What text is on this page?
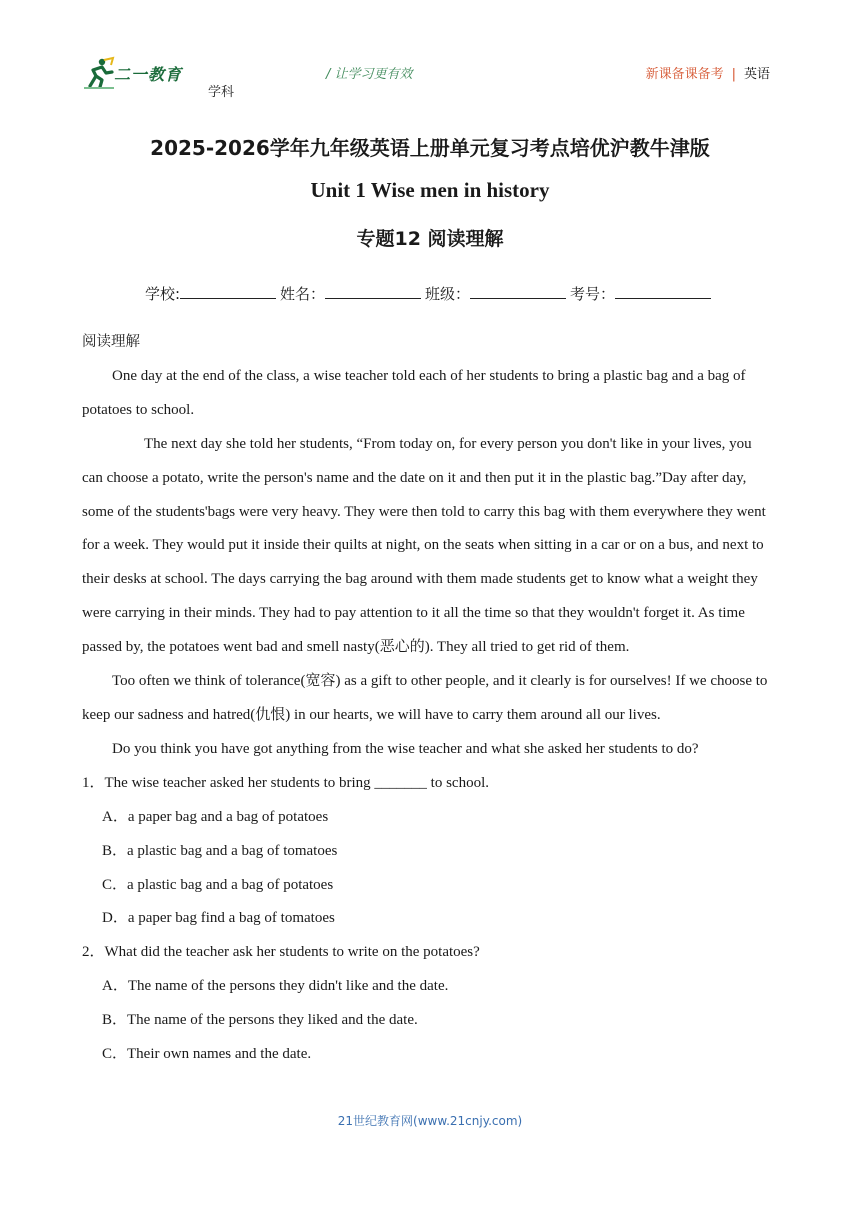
二一教育
学科
/ 让学习更有效	新课备课备考 | 英语
2025-2026学年九年级英语上册单元复习考点培优沪教牛津版
Unit 1 Wise men in history
专题12 阅读理解
学校:	姓名：	班级：	考号：

阅读理解

One day at the end of the class, a wise teacher told each of her students to bring a plastic bag and a bag of potatoes to school.

The next day she told her students, “From today on, for every person you don't like in your lives, you can choose a potato, write the person's name and the date on it and then put it in the plastic bag.”Day after day, some of the students'bags were very heavy. They were then told to carry this bag with them everywhere they went for a week. They would put it inside their quilts at night, on the seats when sitting in a car or on a bus, and next to their desks at school. The days carrying the bag around with them made students get to know what a weight they were carrying in their minds. They had to pay attention to it all the time so that they wouldn't forget it. As time passed by, the potatoes went bad and smell nasty(恶心的). They all tried to get rid of them.

Too often we think of tolerance(宽容) as a gift to other people, and it clearly is for ourselves! If we choose to keep our sadness and hatred(仇恨) in our hearts, we will have to carry them around all our lives.

Do you think you have got anything from the wise teacher and what she asked her students to do?

1．The wise teacher asked her students to bring _______ to school.

A．a paper bag and a bag of potatoes

B．a plastic bag and a bag of tomatoes

C．a plastic bag and a bag of potatoes

D．a paper bag find a bag of tomatoes

2．What did the teacher ask her students to write on the potatoes?

A．The name of the persons they didn't like and the date.

B．The name of the persons they liked and the date.

C．Their own names and the date.

21世纪教育网(www.21cnjy.com)
